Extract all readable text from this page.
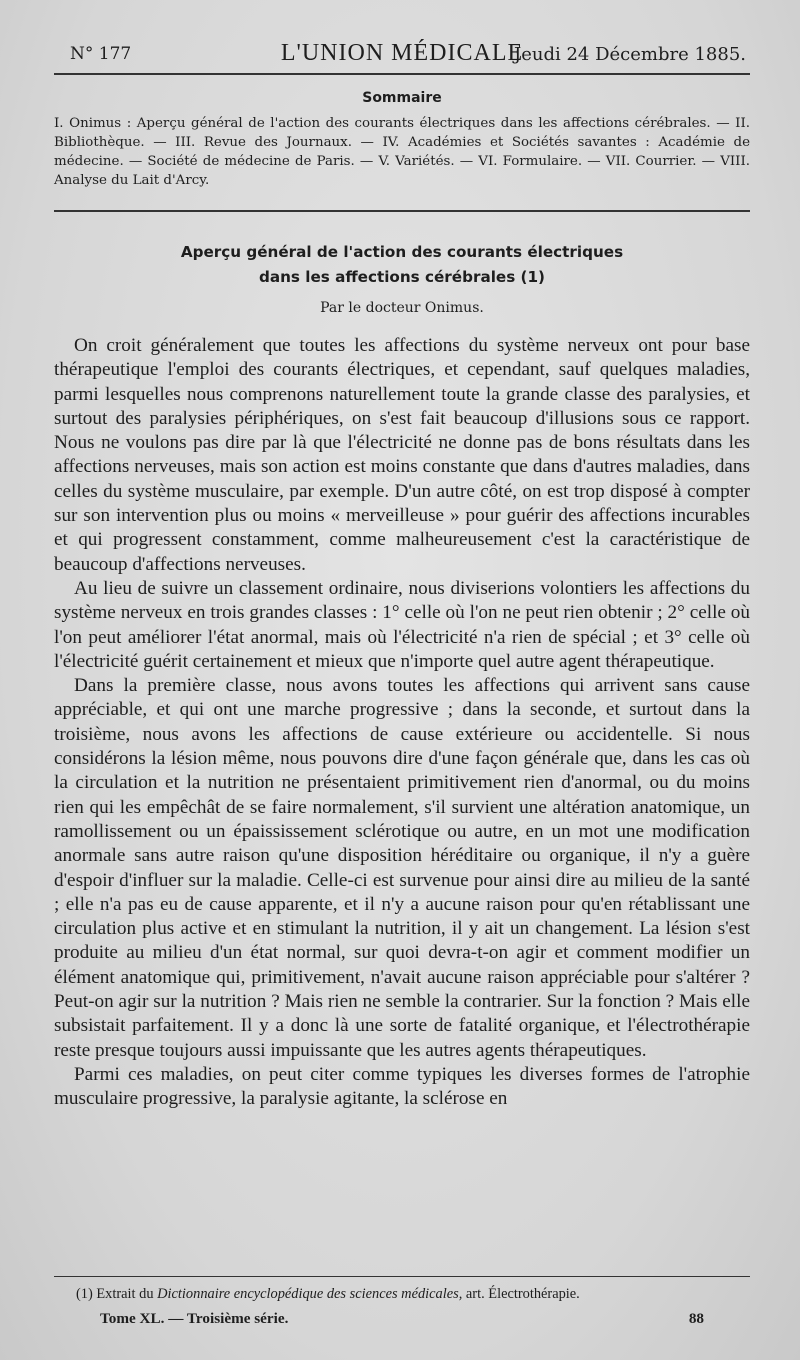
N° 177	L'UNION MÉDICALE
Jeudi 24 Décembre 1885.
Sommaire
I. Onimus : Aperçu général de l'action des courants électriques dans les affections cérébrales. — II. Bibliothèque. — III. Revue des Journaux. — IV. Académies et Sociétés savantes : Académie de médecine. — Société de médecine de Paris. — V. Variétés. — VI. Formulaire. — VII. Courrier. — VIII. Analyse du Lait d'Arcy.
Aperçu général de l'action des courants électriques
dans les affections cérébrales (1)
Par le docteur Onimus.

On croit généralement que toutes les affections du système nerveux ont pour base thérapeutique l'emploi des courants électriques, et cependant, sauf quelques maladies, parmi lesquelles nous comprenons naturellement toute la grande classe des paralysies, et surtout des paralysies périphériques, on s'est fait beaucoup d'illusions sous ce rapport. Nous ne voulons pas dire par là que l'électricité ne donne pas de bons résultats dans les affections nerveuses, mais son action est moins constante que dans d'autres maladies, dans celles du système musculaire, par exemple. D'un autre côté, on est trop disposé à compter sur son intervention plus ou moins « merveilleuse » pour guérir des affections incurables et qui progressent constamment, comme malheureusement c'est la caractéristique de beaucoup d'affections nerveuses.

Au lieu de suivre un classement ordinaire, nous diviserions volontiers les affections du système nerveux en trois grandes classes : 1° celle où l'on ne peut rien obtenir ; 2° celle où l'on peut améliorer l'état anormal, mais où l'électricité n'a rien de spécial ; et 3° celle où l'électricité guérit certainement et mieux que n'importe quel autre agent thérapeutique.

Dans la première classe, nous avons toutes les affections qui arrivent sans cause appréciable, et qui ont une marche progressive ; dans la seconde, et surtout dans la troisième, nous avons les affections de cause extérieure ou accidentelle. Si nous considérons la lésion même, nous pouvons dire d'une façon générale que, dans les cas où la circulation et la nutrition ne présentaient primitivement rien d'anormal, ou du moins rien qui les empêchât de se faire normalement, s'il survient une altération anatomique, un ramollissement ou un épaississement sclérotique ou autre, en un mot une modification anormale sans autre raison qu'une disposition héréditaire ou organique, il n'y a guère d'espoir d'influer sur la maladie. Celle-ci est survenue pour ainsi dire au milieu de la santé ; elle n'a pas eu de cause apparente, et il n'y a aucune raison pour qu'en rétablissant une circulation plus active et en stimulant la nutrition, il y ait un changement. La lésion s'est produite au milieu d'un état normal, sur quoi devra-t-on agir et comment modifier un élément anatomique qui, primitivement, n'avait aucune raison appréciable pour s'altérer ? Peut-on agir sur la nutrition ? Mais rien ne semble la contrarier. Sur la fonction ? Mais elle subsistait parfaitement. Il y a donc là une sorte de fatalité organique, et l'électrothérapie reste presque toujours aussi impuissante que les autres agents thérapeutiques.

Parmi ces maladies, on peut citer comme typiques les diverses formes de l'atrophie musculaire progressive, la paralysie agitante, la sclérose en

(1) Extrait du Dictionnaire encyclopédique des sciences médicales, art. Électrothérapie.
Tome XL. — Troisième série.	88
